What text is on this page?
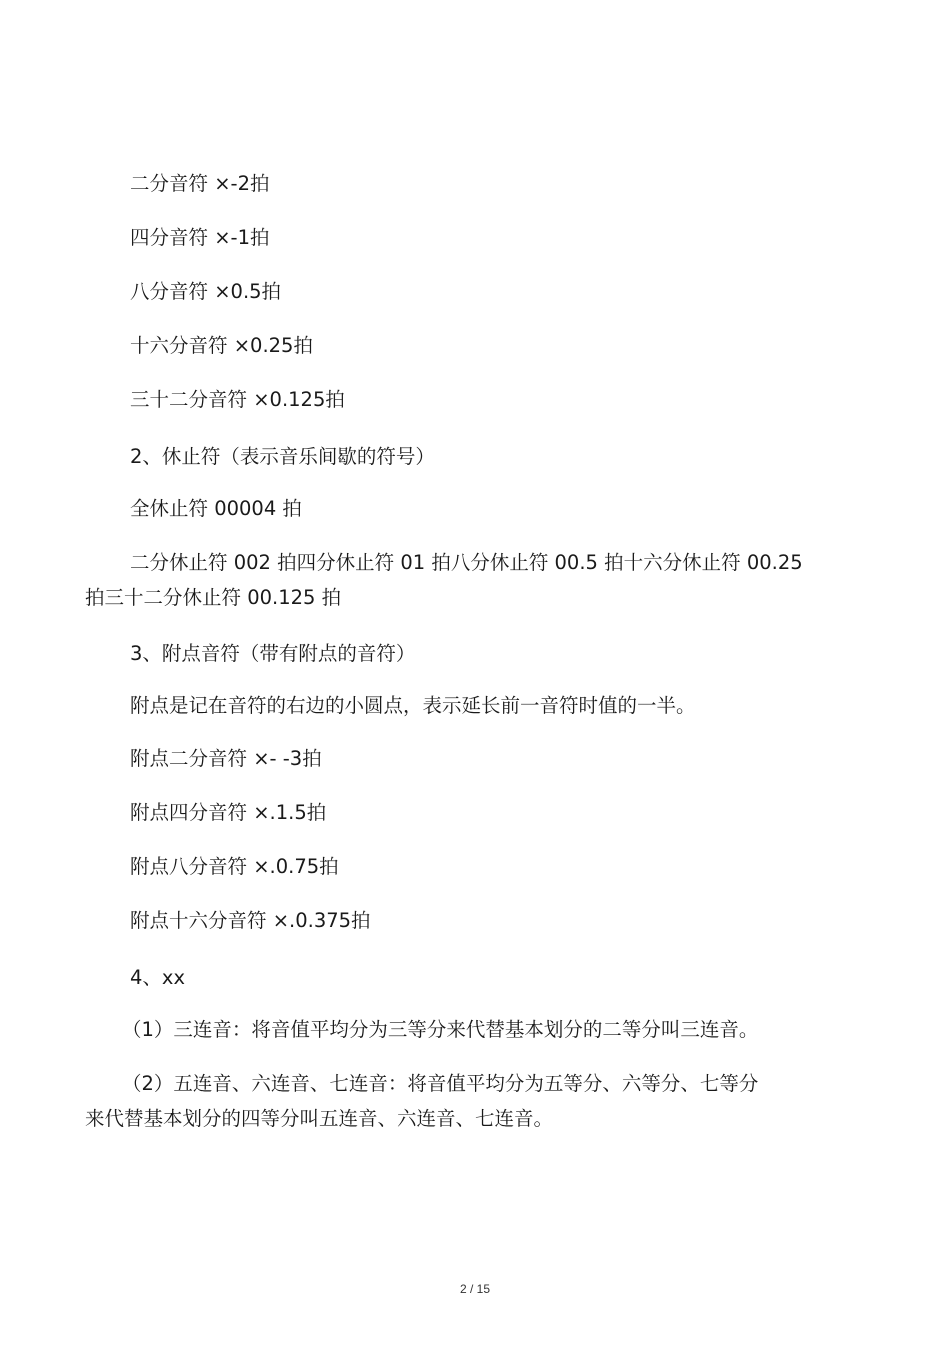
二分音符 ×-2拍
四分音符 ×-1拍
八分音符 ×0.5拍
十六分音符 ×0.25拍
三十二分音符 ×0.125拍
2、休止符（表示音乐间歇的符号）
全休止符 00004 拍
二分休止符 002 拍四分休止符 01 拍八分休止符 00.5 拍十六分休止符 00.25
拍三十二分休止符 00.125 拍
3、附点音符（带有附点的音符）
附点是记在音符的右边的小圆点，表示延长前一音符时值的一半。
附点二分音符 ×- -3拍
附点四分音符 ×.1.5拍
附点八分音符 ×.0.75拍
附点十六分音符 ×.0.375拍
4、xx
（1）三连音：将音值平均分为三等分来代替基本划分的二等分叫三连音。
（2）五连音、六连音、七连音：将音值平均分为五等分、六等分、七等分
来代替基本划分的四等分叫五连音、六连音、七连音。
2 / 15
